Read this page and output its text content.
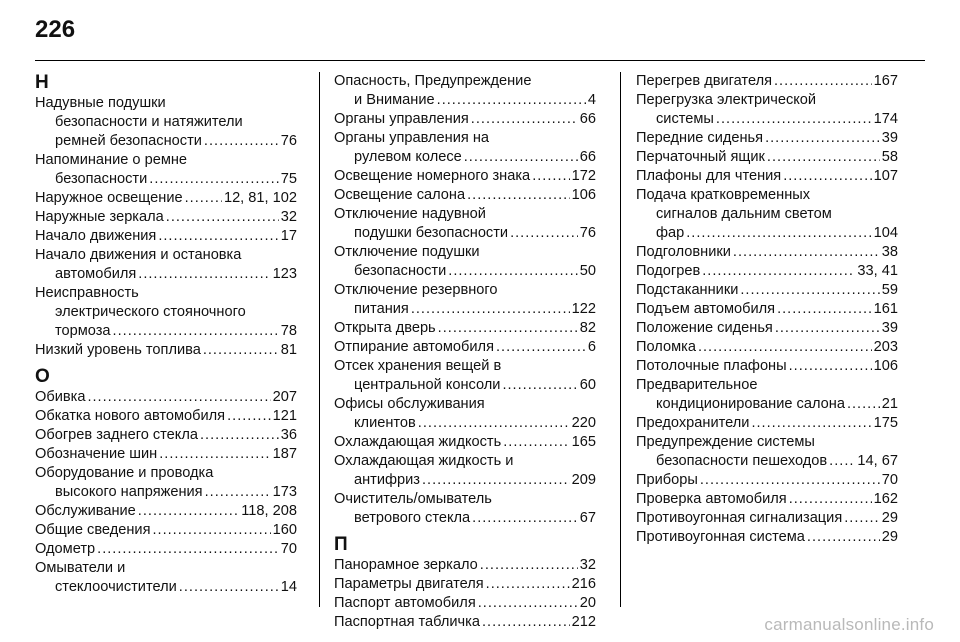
226
Н
Надувные подушки
безопасности и натяжители
ремней безопасности .....	76
Напоминание о ремне
безопасности .....	75
Наружное освещение .....	12, 81, 102
Наружные зеркала .....	32
Начало движения .....	17
Начало движения и остановка
автомобиля .....	123
Неисправность
электрического стояночного
тормоза .....	78
Низкий уровень топлива .....	81
О
Обивка .....	207
Обкатка нового автомобиля .....	121
Обогрев заднего стекла .....	36
Обозначение шин .....	187
Оборудование и проводка
высокого напряжения .....	173
Обслуживание .....	118, 208
Общие сведения .....	160
Одометр .....	70
Омыватели и
стеклоочистители .....	14
Опасность, Предупреждение
и Внимание .....	4
Органы управления .....	66
Органы управления на
рулевом колесе .....	66
Освещение номерного знака .....	172
Освещение салона .....	106
Отключение надувной
подушки безопасности .....	76
Отключение подушки
безопасности .....	50
Отключение резервного
питания .....	122
Открыта дверь .....	82
Отпирание автомобиля .....	6
Отсек хранения вещей в
центральной консоли .....	60
Офисы обслуживания
клиентов .....	220
Охлаждающая жидкость .....	165
Охлаждающая жидкость и
антифриз .....	209
Очиститель/омыватель
ветрового стекла .....	67
П
Панорамное зеркало .....	32
Параметры двигателя .....	216
Паспорт автомобиля .....	20
Паспортная табличка .....	212
Перегрев двигателя .....	167
Перегрузка электрической
системы .....	174
Передние сиденья .....	39
Перчаточный ящик .....	58
Плафоны для чтения .....	107
Подача кратковременных
сигналов дальним светом
фар .....	104
Подголовники .....	38
Подогрев .....	33, 41
Подстаканники .....	59
Подъем автомобиля .....	161
Положение сиденья .....	39
Поломка .....	203
Потолочные плафоны .....	106
Предварительное
кондиционирование салона .....	21
Предохранители .....	175
Предупреждение системы
безопасности пешеходов ..... 14, 67
Приборы .....	70
Проверка автомобиля .....	162
Противоугонная сигнализация .....	29
Противоугонная система .....	29
carmanualsonline.info
